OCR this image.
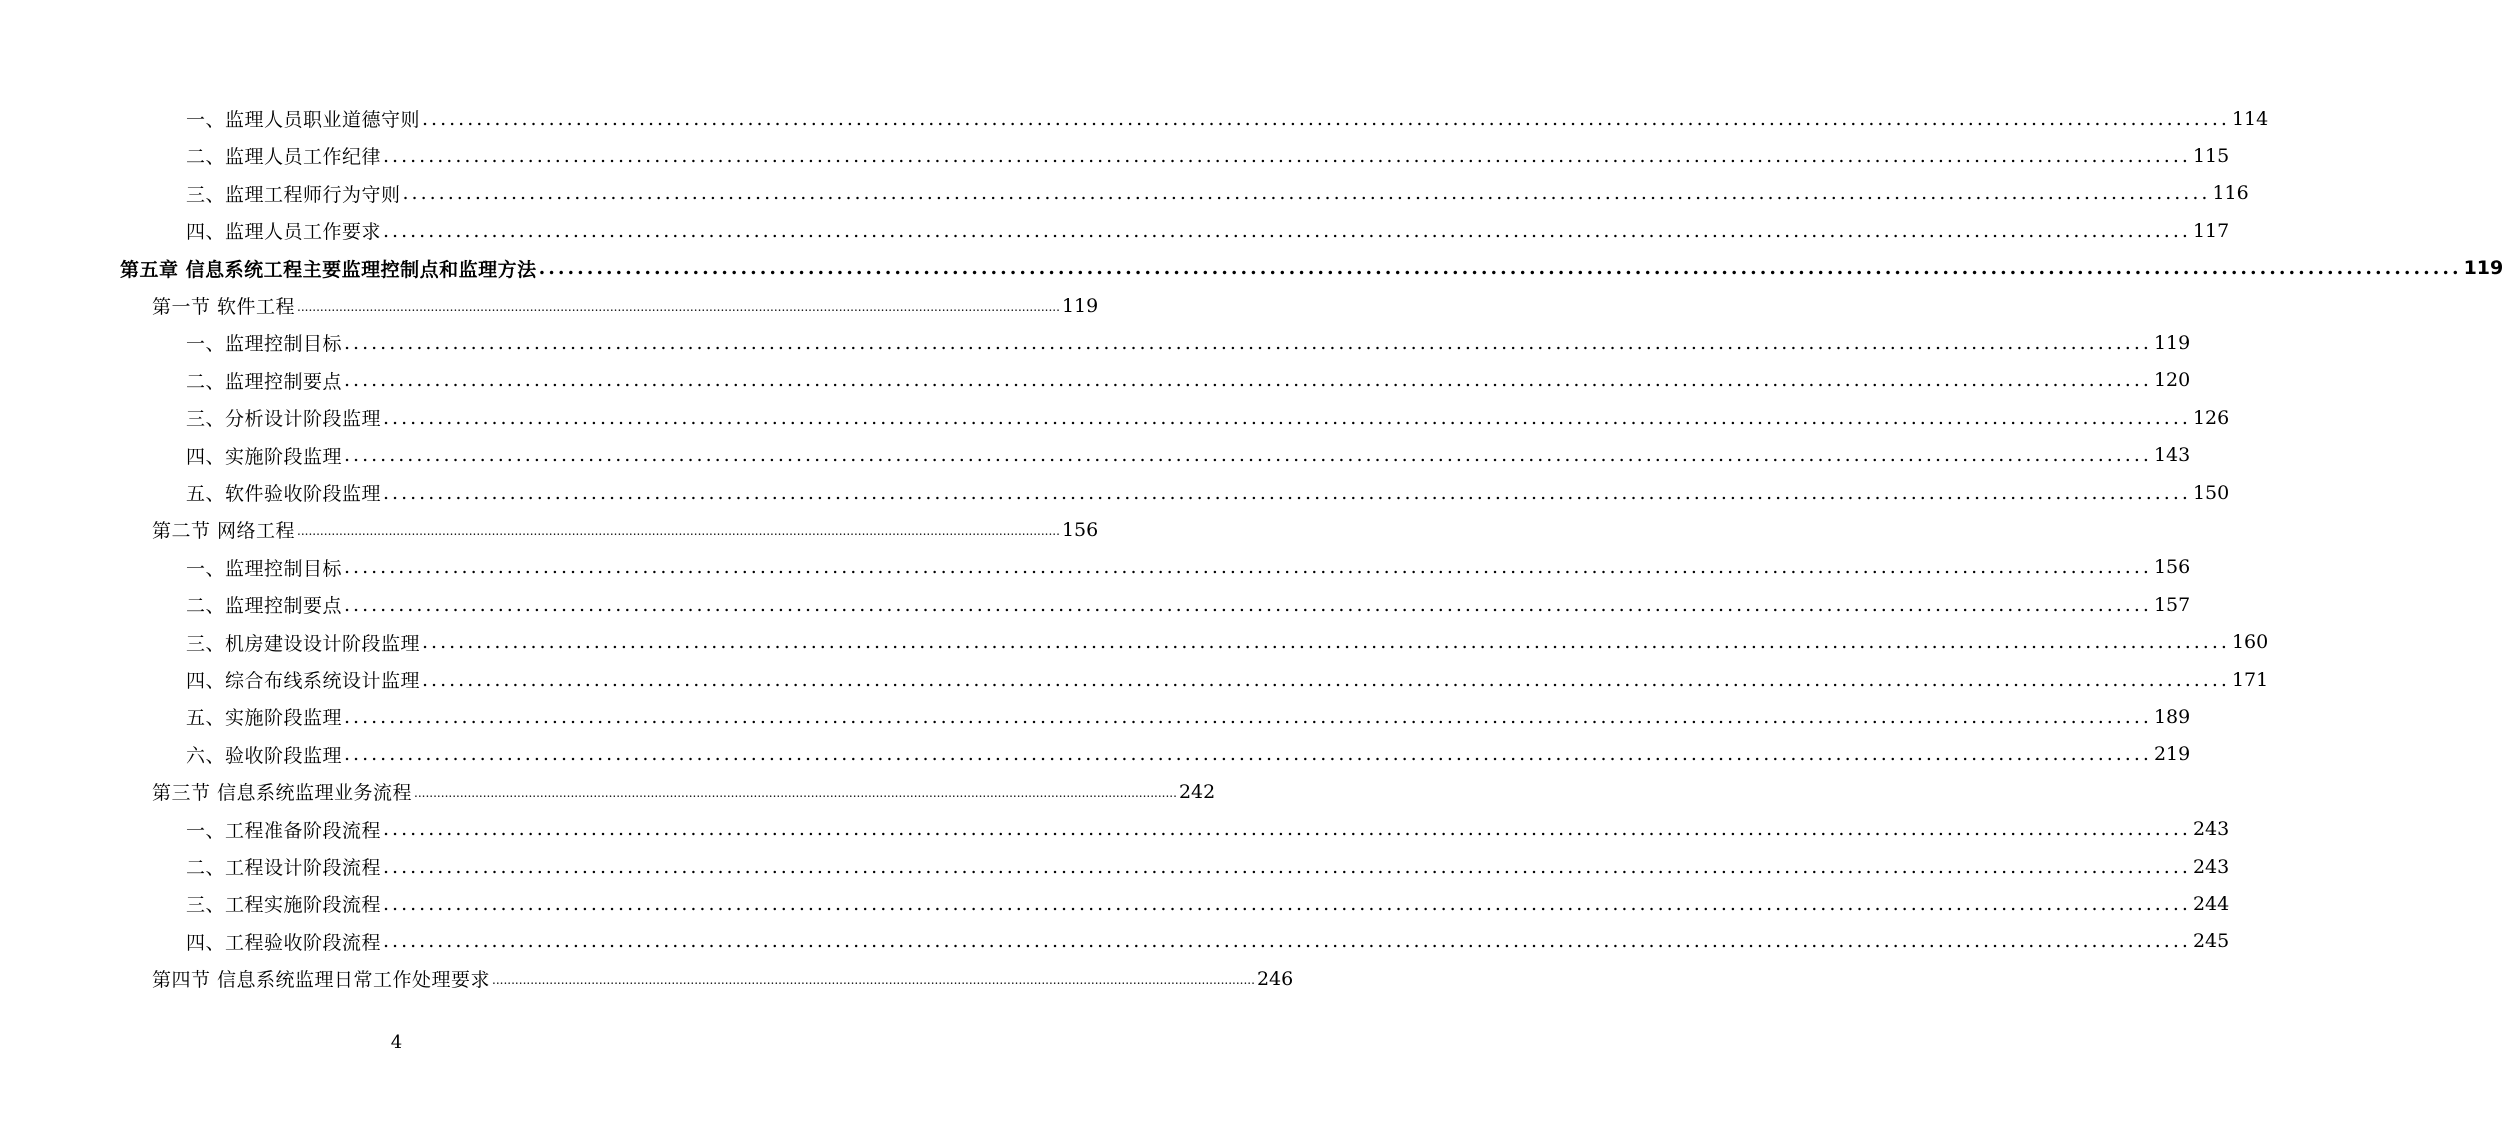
一、监理人员职业道德守则 ........................................................................................................................................................................................................ 114
二、监理人员工作纪律 ........................................................................................................................................................................................................ 115
三、监理工程师行为守则 ........................................................................................................................................................................................................ 116
四、监理人员工作要求 ........................................................................................................................................................................................................ 117
第五章 信息系统工程主要监理控制点和监理方法 ........................................................................................................................................................................................................ 119
第一节 软件工程 ........................................................................................................................................................................................................ 119
一、监理控制目标 ........................................................................................................................................................................................................ 119
二、监理控制要点 ........................................................................................................................................................................................................ 120
三、分析设计阶段监理 ........................................................................................................................................................................................................ 126
四、实施阶段监理 ........................................................................................................................................................................................................ 143
五、软件验收阶段监理 ........................................................................................................................................................................................................ 150
第二节 网络工程 ........................................................................................................................................................................................................ 156
一、监理控制目标 ........................................................................................................................................................................................................ 156
二、监理控制要点 ........................................................................................................................................................................................................ 157
三、机房建设设计阶段监理 ........................................................................................................................................................................................................ 160
四、综合布线系统设计监理 ........................................................................................................................................................................................................ 171
五、实施阶段监理 ........................................................................................................................................................................................................ 189
六、验收阶段监理 ........................................................................................................................................................................................................ 219
第三节 信息系统监理业务流程 ........................................................................................................................................................................................................ 242
一、工程准备阶段流程 ........................................................................................................................................................................................................ 243
二、工程设计阶段流程 ........................................................................................................................................................................................................ 243
三、工程实施阶段流程 ........................................................................................................................................................................................................ 244
四、工程验收阶段流程 ........................................................................................................................................................................................................ 245
第四节 信息系统监理日常工作处理要求 ........................................................................................................................................................................................................ 246
4
